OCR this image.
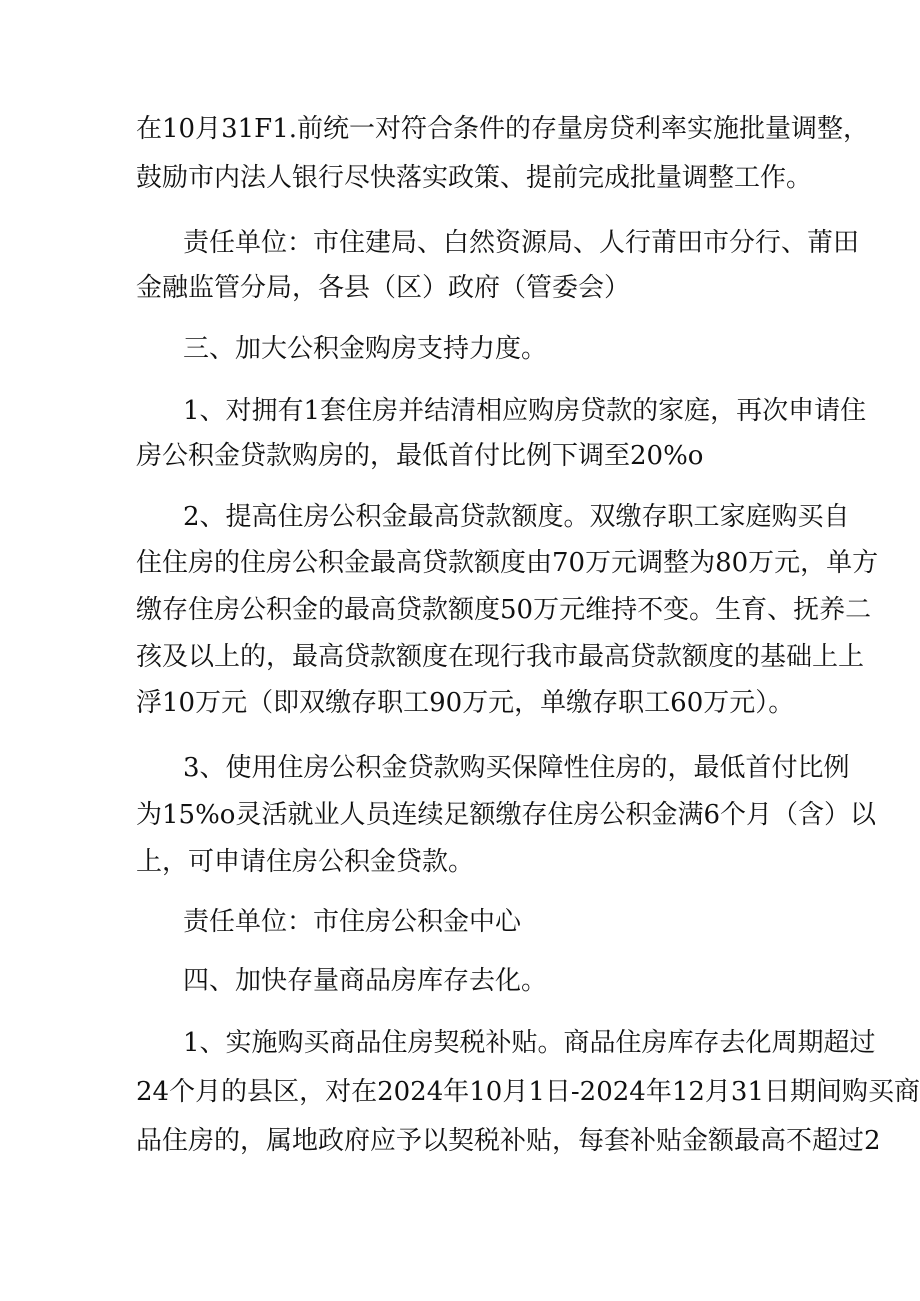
在10月31F1.前统一对符合条件的存量房贷利率实施批量调整，

鼓励市内法人银行尽快落实政策、提前完成批量调整工作。

责任单位：市住建局、白然资源局、人行莆田市分行、莆田

金融监管分局，各县（区）政府（管委会）

三、加大公积金购房支持力度。

1、对拥有1套住房并结清相应购房贷款的家庭，再次申请住

房公积金贷款购房的，最低首付比例下调至20%o

2、提高住房公积金最高贷款额度。双缴存职工家庭购买自

住住房的住房公积金最高贷款额度由70万元调整为80万元，单方

缴存住房公积金的最高贷款额度50万元维持不变。生育、抚养二

孩及以上的，最高贷款额度在现行我市最高贷款额度的基础上上

浮10万元（即双缴存职工90万元，单缴存职工60万元）。

3、使用住房公积金贷款购买保障性住房的，最低首付比例

为15%o灵活就业人员连续足额缴存住房公积金满6个月（含）以

上，可申请住房公积金贷款。

责任单位：市住房公积金中心

四、加快存量商品房库存去化。

1、实施购买商品住房契税补贴。商品住房库存去化周期超过

24个月的县区，对在2024年10月1日-2024年12月31日期间购买商

品住房的，属地政府应予以契税补贴，每套补贴金额最高不超过2
